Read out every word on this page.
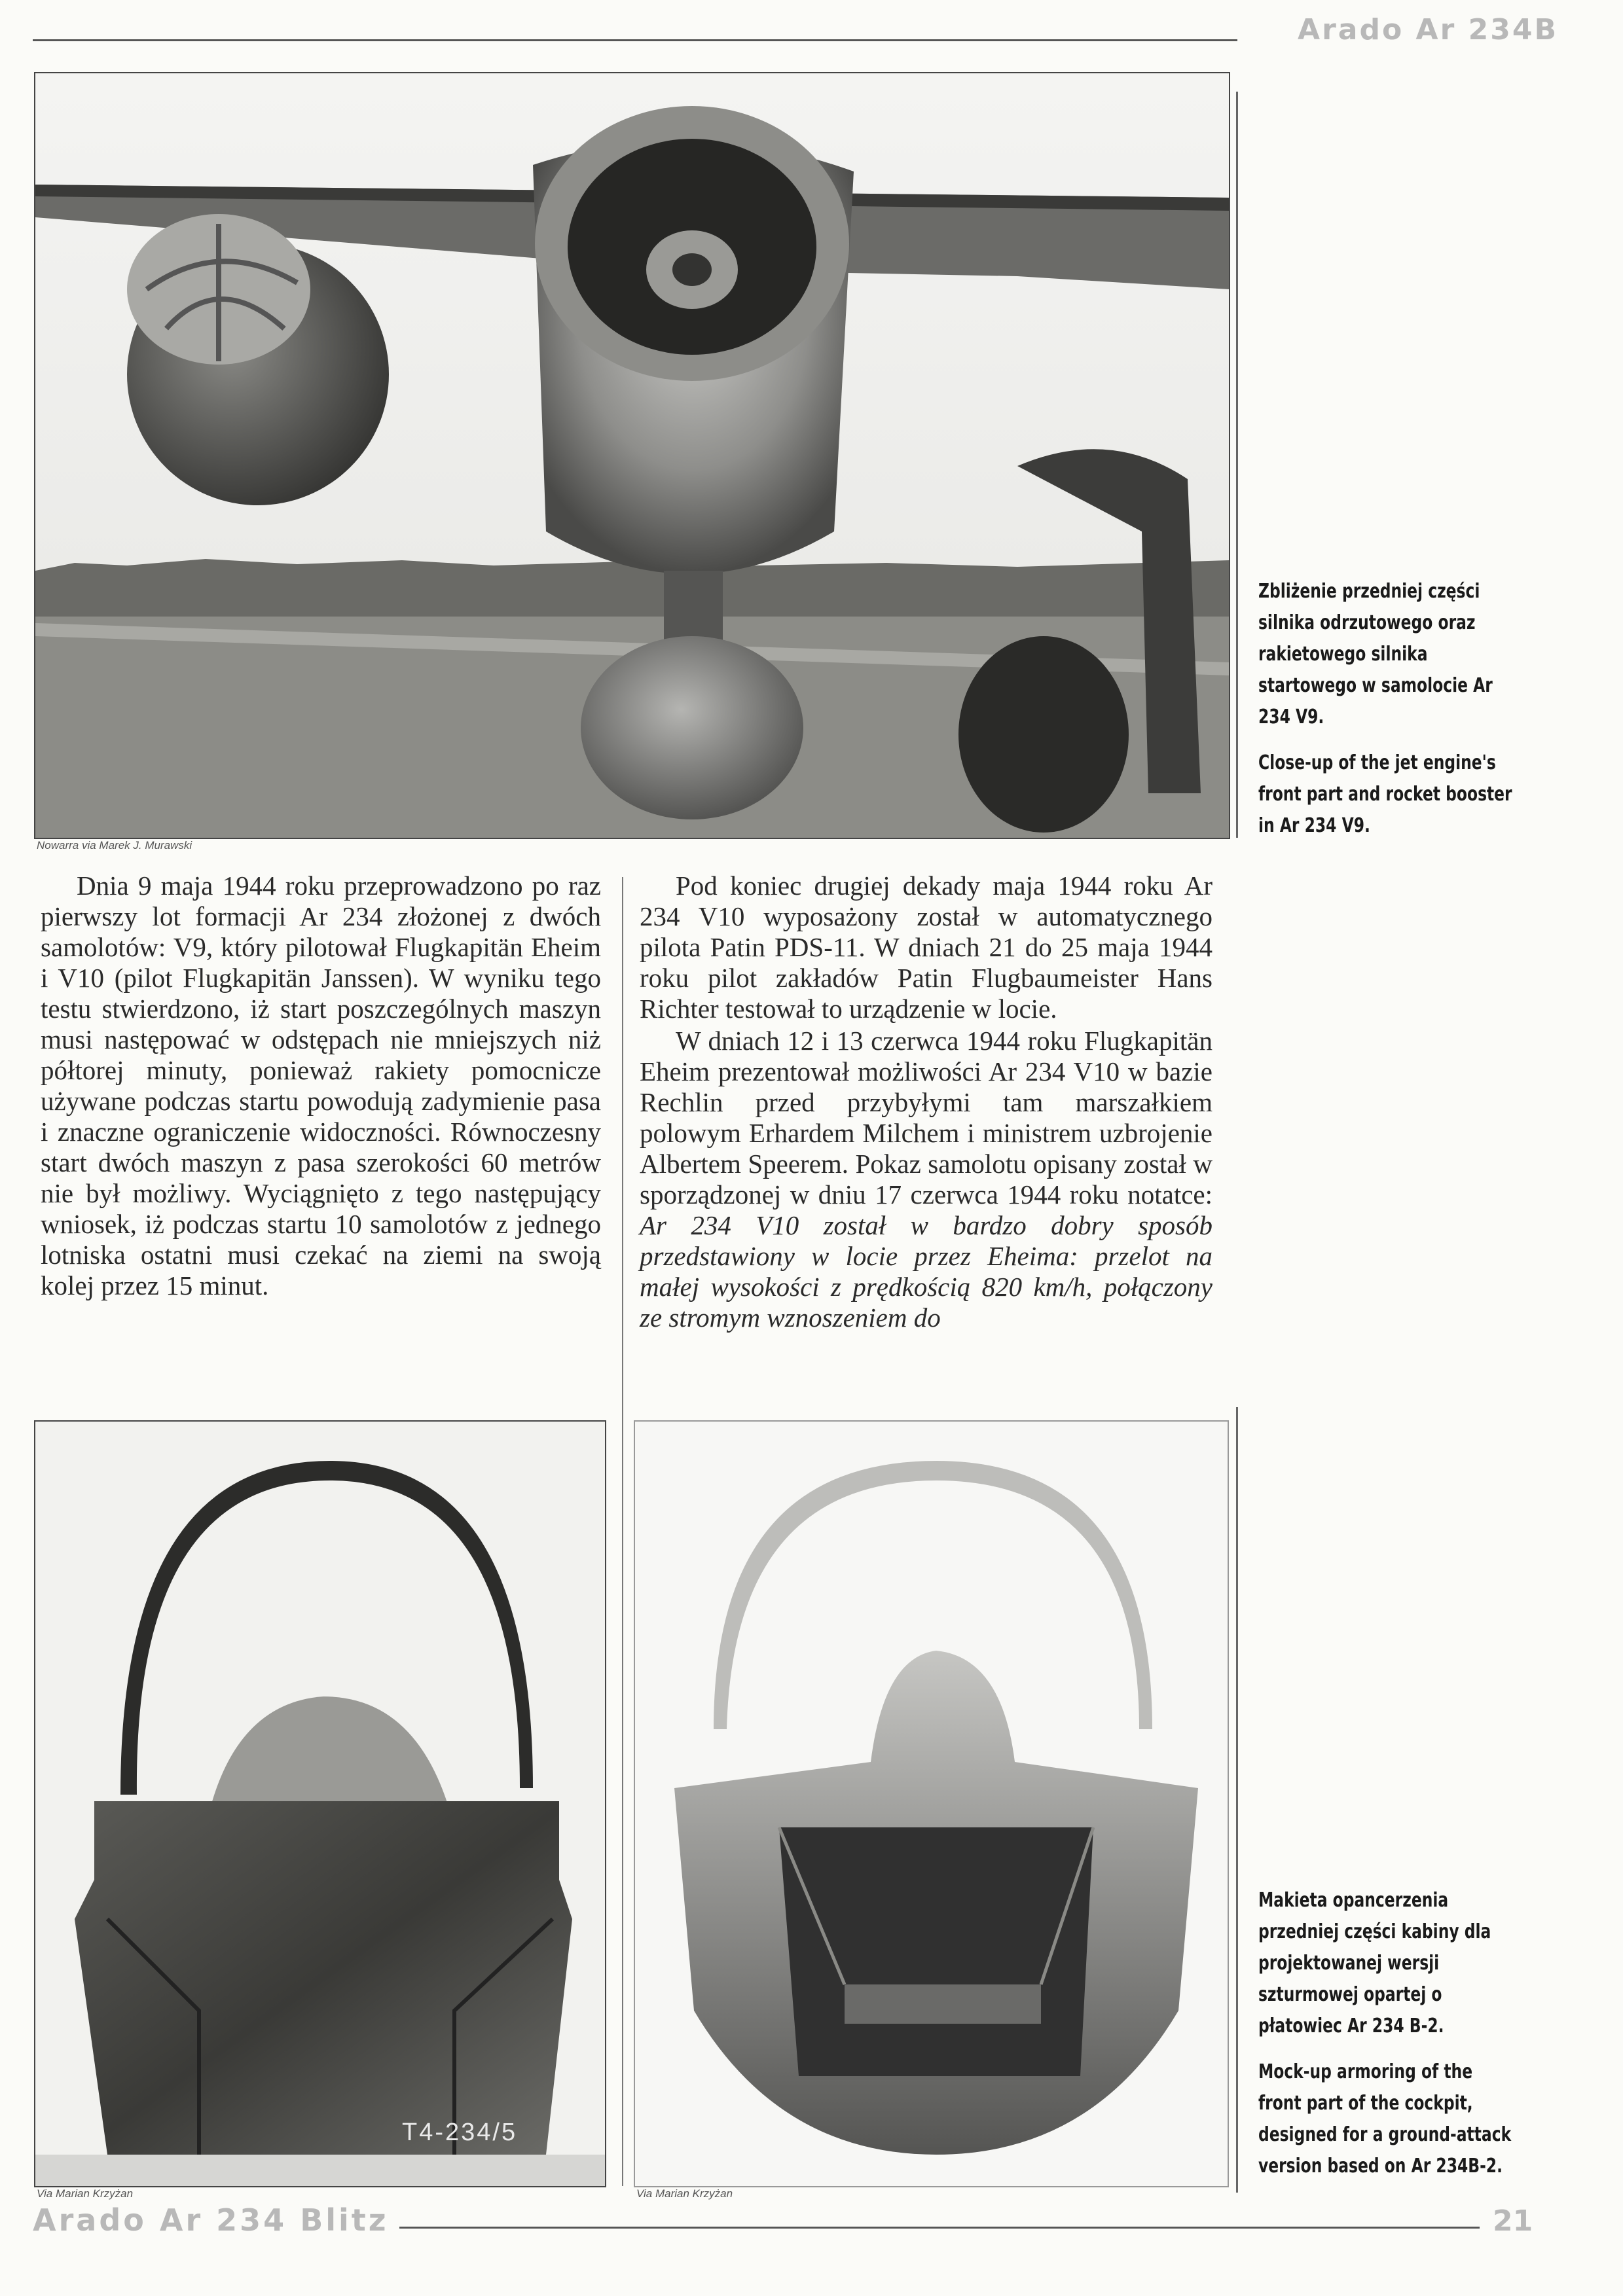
Arado Ar 234B
Nowarra via Marek J. Murawski

Zbliżenie przedniej części silnika odrzutowego oraz rakietowego silnika startowego w samolocie Ar 234 V9.

Close-up of the jet engine's front part and rocket booster in Ar 234 V9.

Dnia 9 maja 1944 roku przeprowadzono po raz pierwszy lot formacji Ar 234 złożonej z dwóch samolotów: V9, który pilotował Flugkapitän Eheim i V10 (pilot Flugkapitän Janssen). W wyniku tego testu stwierdzono, iż start poszczególnych maszyn musi następować w odstępach nie mniejszych niż półtorej minuty, ponieważ rakiety pomocnicze używane podczas startu powodują zadymienie pasa i znaczne ograniczenie widoczności. Równoczesny start dwóch maszyn z pasa szerokości 60 metrów nie był możliwy. Wyciągnięto z tego następujący wniosek, iż podczas startu 10 samolotów z jednego lotniska ostatni musi czekać na ziemi na swoją kolej przez 15 minut.

Pod koniec drugiej dekady maja 1944 roku Ar 234 V10 wyposażony został w automatycznego pilota Patin PDS-11. W dniach 21 do 25 maja 1944 roku pilot zakładów Patin Flugbaumeister Hans Richter testował to urządzenie w locie.

W dniach 12 i 13 czerwca 1944 roku Flugkapitän Eheim prezentował możliwości Ar 234 V10 w bazie Rechlin przed przybyłymi tam marszałkiem polowym Erhardem Milchem i ministrem uzbrojenie Albertem Speerem. Pokaz samolotu opisany został w sporządzonej w dniu 17 czerwca 1944 roku notatce: Ar 234 V10 został w bardzo dobry sposób przedstawiony w locie przez Eheima: przelot na małej wysokości z prędkością 820 km/h, połączony ze stromym wznoszeniem do

T4-234/5
Via Marian Krzyżan	Via Marian Krzyżan

Makieta opancerzenia przedniej części kabiny dla projektowanej wersji szturmowej opartej o płatowiec Ar 234 B-2.

Mock-up armoring of the front part of the cockpit, designed for a ground-attack version based on Ar 234B-2.

Arado Ar 234 Blitz	21
